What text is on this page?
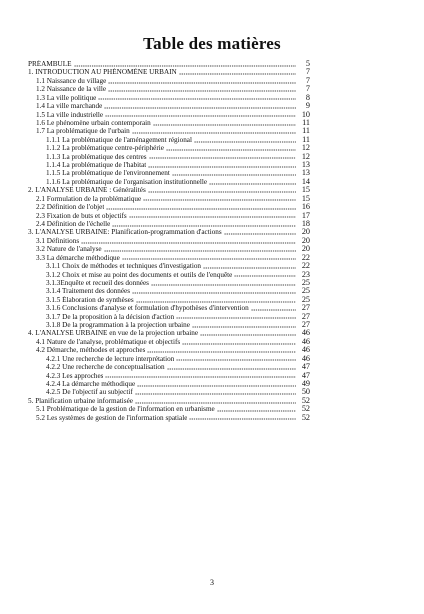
Table des matières
PRÉAMBULE	5
1. INTRODUCTION AU PHÉNOMÈNE URBAIN	7
1.1 Naissance du village	7
1.2 Naissance de la ville	7
1.3 La ville politique	8
1.4 La ville marchande	9
1.5 La ville industrielle	10
1.6 Le phénomène urbain contemporain	11
1.7 La problématique de l'urbain	11
1.1.1 La problématique de l'aménagement régional	11
1.1.2 La problématique centre-périphérie	12
1.1.3 La problématique des centres	12
1.1.4 La problématique de l'habitat	13
1.1.5 La problématique de l'environnement	13
1.1.6 La problématique de l'organisation institutionnelle	14
2. L'ANALYSE URBAINE : Généralités	15
2.1 Formulation de la problématique	15
2.2 Définition de l'objet	16
2.3 Fixation de buts et objectifs	17
2.4 Définition de l'échelle	18
3. L'ANALYSE URBAINE: Planification-programmation d'actions	20
3.1 Définitions	20
3.2 Nature de l'analyse	20
3.3 La démarche méthodique	22
3.1.1 Choix de méthodes et techniques d'investigation	22
3.1.2 Choix et mise au point des documents et outils de l'enquête	23
3.1.3Enquête et recueil des données	25
3.1.4 Traitement des données	25
3.1.5 Élaboration de synthèses	25
3.1.6 Conclusions d'analyse et formulation d'hypothèses d'intervention	27
3.1.7 De la proposition à la décision d'action	27
3.1.8 De la programmation à la projection urbaine	27
4. L'ANALYSE URBAINE en vue de la projection urbaine	46
4.1 Nature de l'analyse, problématique et objectifs	46
4.2 Démarche, méthodes et approches	46
4.2.1 Une recherche de lecture interprétation	46
4.2.2 Une recherche de conceptualisation	47
4.2.3 Les approches	47
4.2.4 La démarche méthodique	49
4.2.5 De l'objectif au subjectif	50
5. Planification urbaine informatisée	52
5.1 Problématique de la gestion de l'information en urbanisme	52
5.2 Les systèmes de gestion de l'information spatiale	52
3
